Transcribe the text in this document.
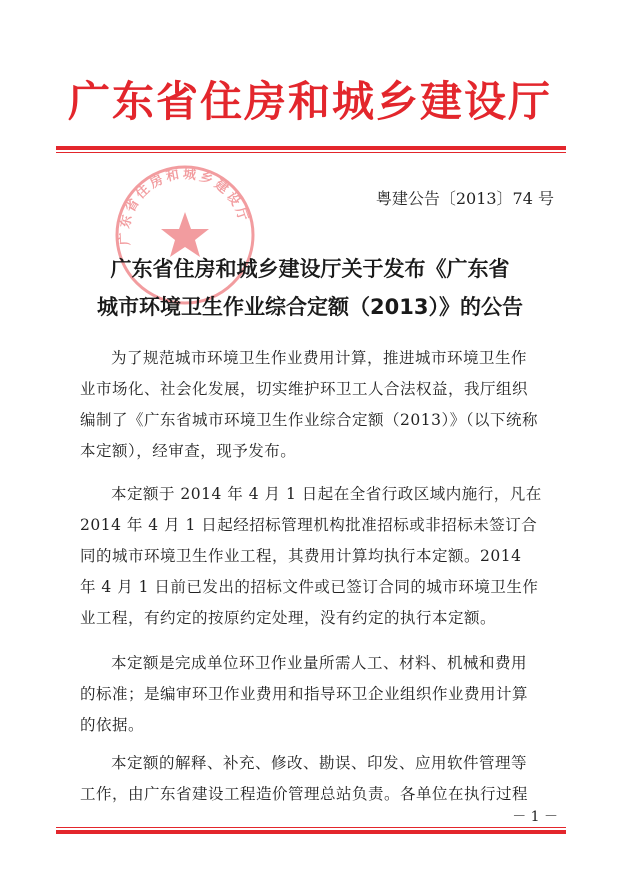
广东省住房和城乡建设厅
广东省住房和城乡建设厅
粤建公告〔2013〕74 号
广东省住房和城乡建设厅关于发布《广东省
城市环境卫生作业综合定额（2013）》的公告
为了规范城市环境卫生作业费用计算，推进城市环境卫生作
业市场化、社会化发展，切实维护环卫工人合法权益，我厅组织
编制了《广东省城市环境卫生作业综合定额（2013）》（以下统称
本定额），经审查，现予发布。
本定额于 2014 年 4 月 1 日起在全省行政区域内施行，凡在
2014 年 4 月 1 日起经招标管理机构批准招标或非招标未签订合
同的城市环境卫生作业工程，其费用计算均执行本定额。2014
年 4 月 1 日前已发出的招标文件或已签订合同的城市环境卫生作
业工程，有约定的按原约定处理，没有约定的执行本定额。
本定额是完成单位环卫作业量所需人工、材料、机械和费用
的标准；是编审环卫作业费用和指导环卫企业组织作业费用计算
的依据。
本定额的解释、补充、修改、勘误、印发、应用软件管理等
工作，由广东省建设工程造价管理总站负责。各单位在执行过程
－ 1 －
